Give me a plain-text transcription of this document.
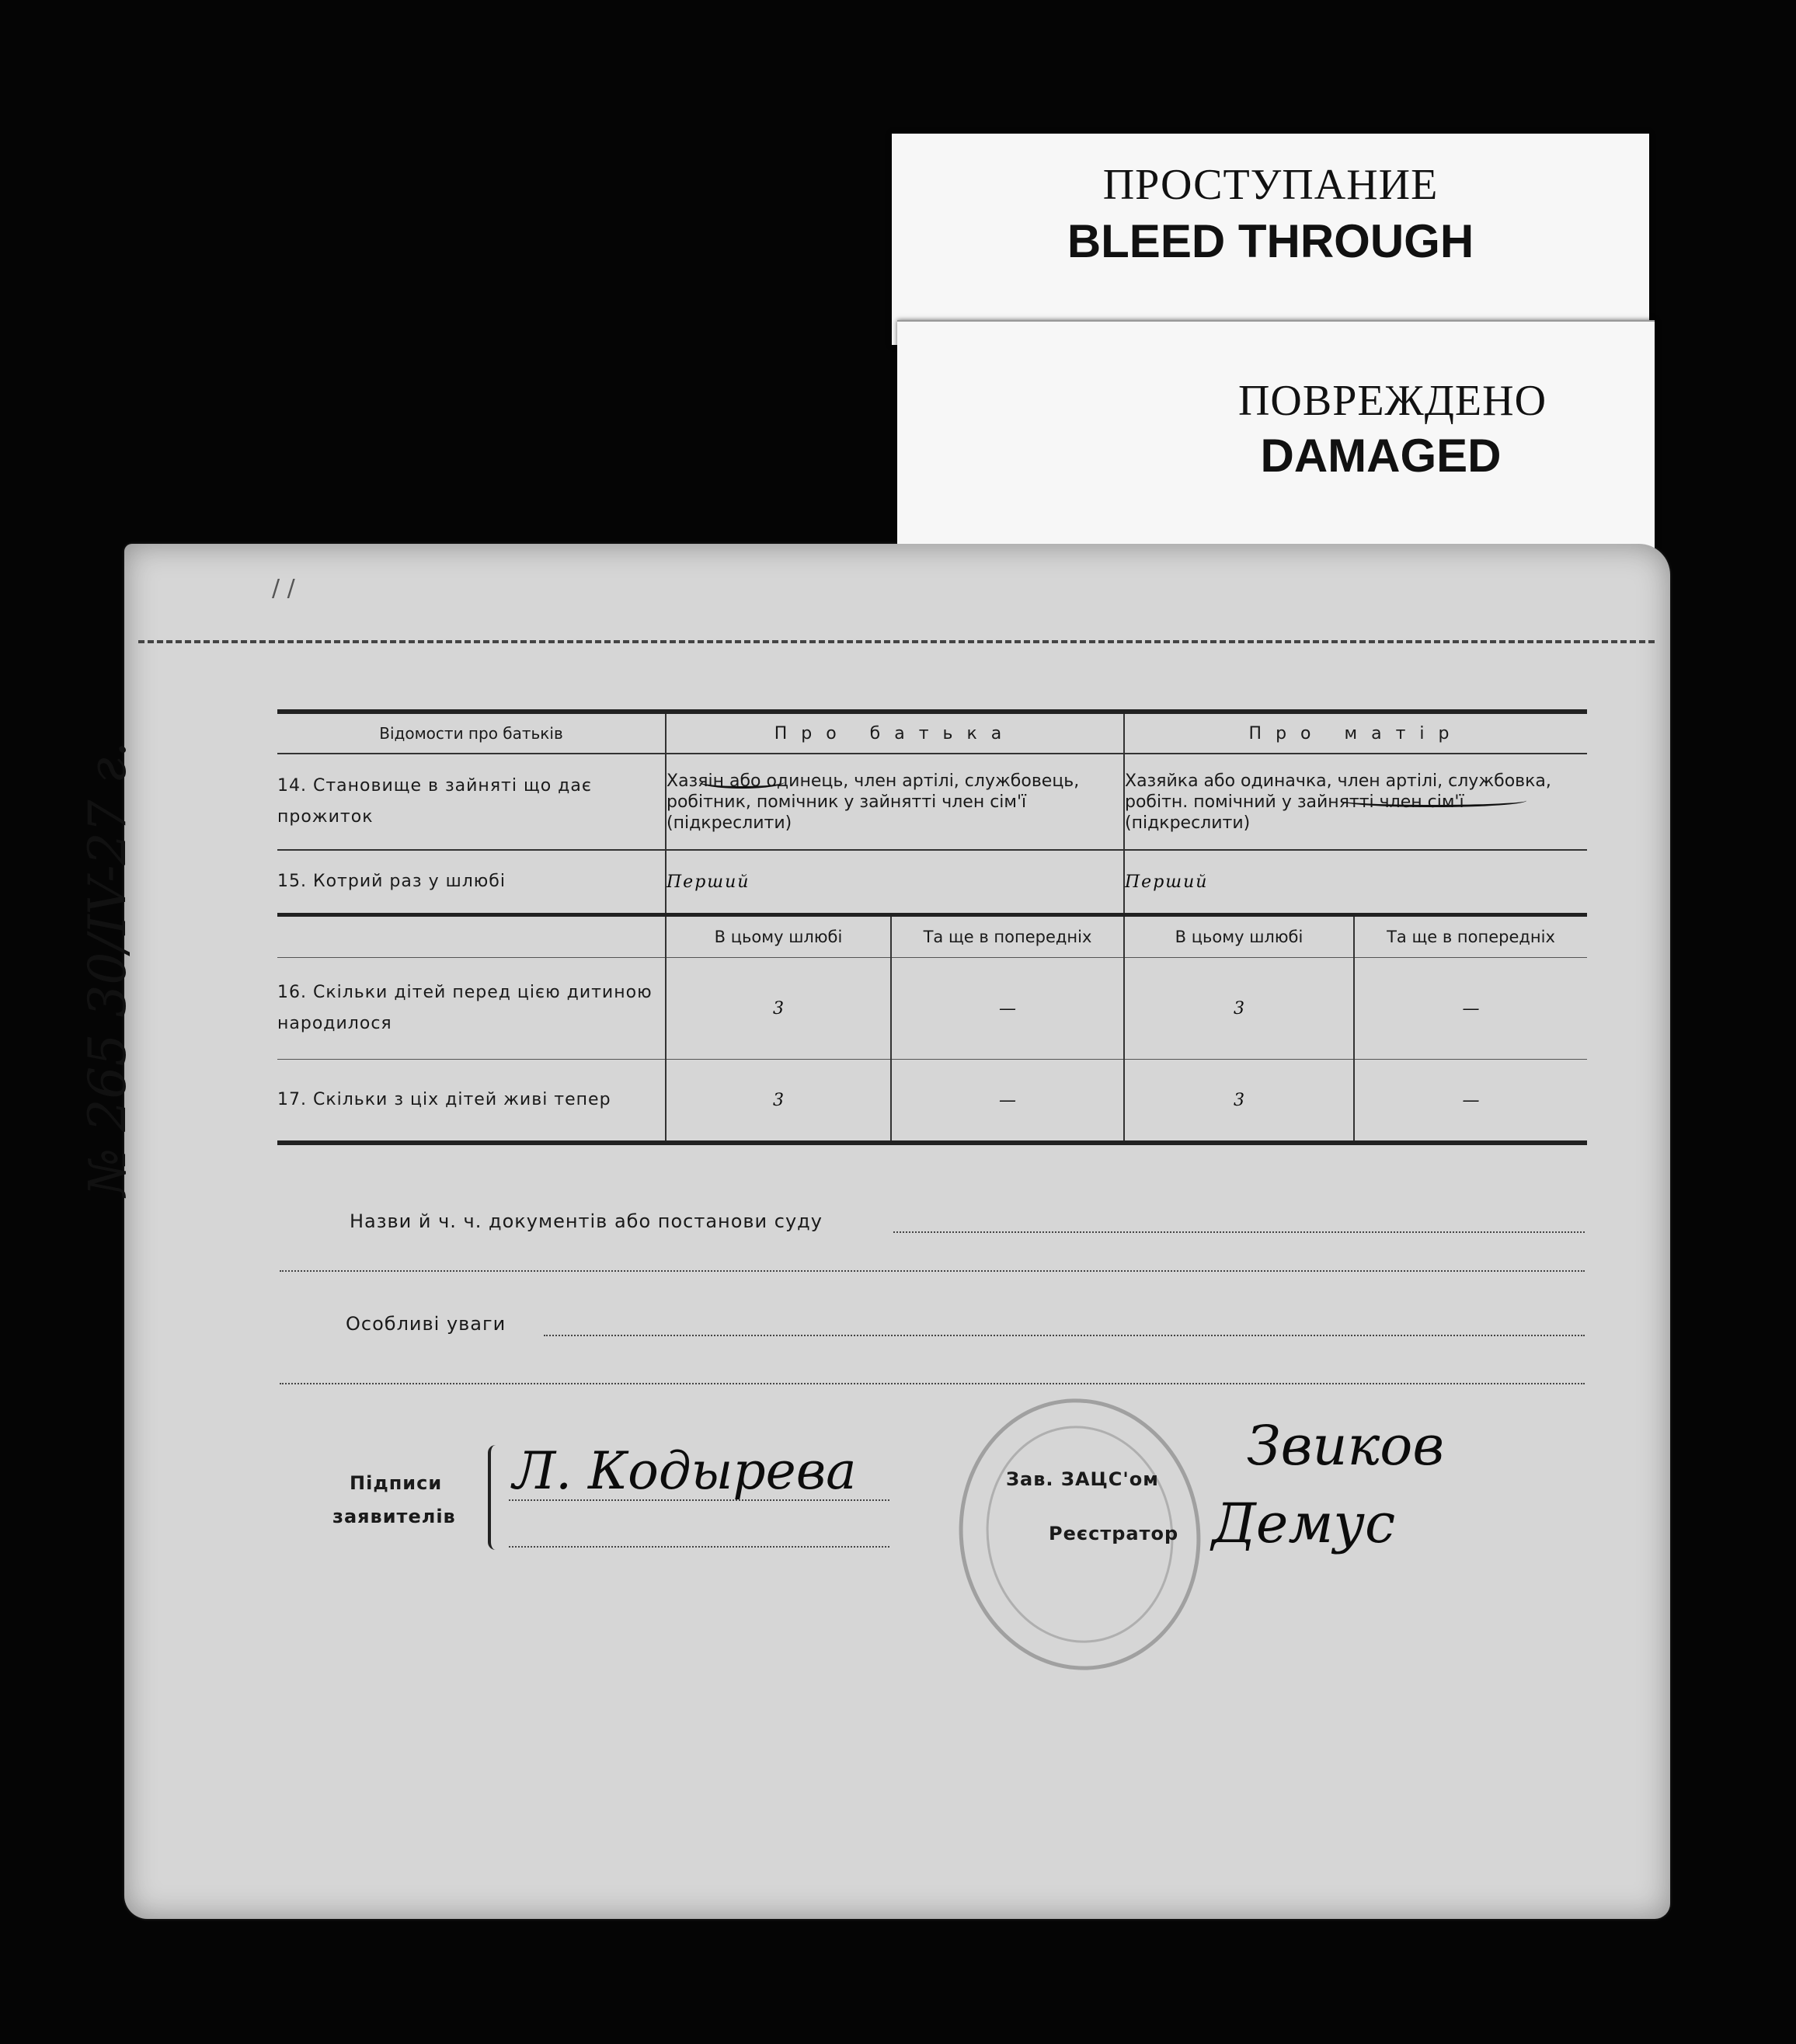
ПРОСТУПАНИЕ
BLEED THROUGH
ПОВРЕЖДЕНО
DAMAGED
/ /
Відомости про батьків	Про батька		Про матір	
14. Становище в зайняті що дає прожиток	Хазяін або одинець, член артілі, службовець, робітник, помічник у зайнятті член сім'ї (підкреслити)		Хазяйка або одиначка, член артілі, службовка, робітн. помічний у зайнятті член сім'ї (підкреслити)	
15. Котрий раз у шлюбі	Перший		Перший	
	В цьому шлюбі	Та ще в попередніх	В цьому шлюбі	Та ще в попередніх
16. Скільки дітей перед цією дитиною народилося	3	—	3	—
17. Скільки з ціх дітей живі тепер	3	—	3	—
Назви й ч. ч. документів або постанови суду
Особливі уваги
Підписи
заявителів
Л. Кодырева	Зав. ЗАЦС'ом
Звиков
Реєстратор Демус
№ 265 30/IV-27 г.
